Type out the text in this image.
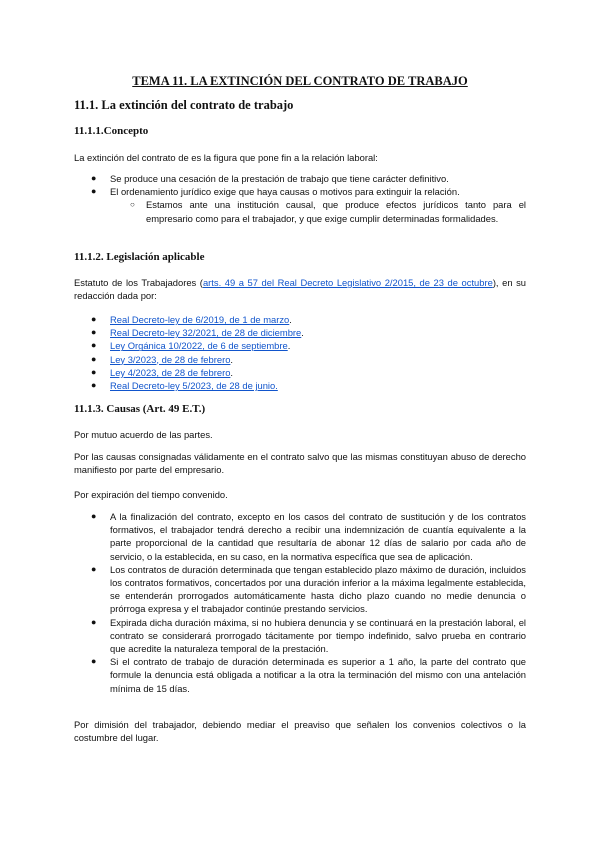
TEMA 11. LA EXTINCIÓN DEL CONTRATO DE TRABAJO
11.1. La extinción del contrato de trabajo
11.1.1.Concepto
La extinción del contrato de es la figura que pone fin a la relación laboral:
● Se produce una cesación de la prestación de trabajo que tiene carácter definitivo.
● El ordenamiento jurídico exige que haya causas o motivos para extinguir la relación.
○ Estamos ante una institución causal, que produce efectos jurídicos tanto para el empresario como para el trabajador, y que exige cumplir determinadas formalidades.
11.1.2. Legislación aplicable
Estatuto de los Trabajadores (arts. 49 a 57 del Real Decreto Legislativo 2/2015, de 23 de octubre), en su redacción dada por:
● Real Decreto-ley de 6/2019, de 1 de marzo.
● Real Decreto-ley 32/2021, de 28 de diciembre.
● Ley Orgánica 10/2022, de 6 de septiembre.
● Ley 3/2023, de 28 de febrero.
● Ley 4/2023, de 28 de febrero.
● Real Decreto-ley 5/2023, de 28 de junio.
11.1.3. Causas (Art. 49 E.T.)
Por mutuo acuerdo de las partes.
Por las causas consignadas válidamente en el contrato salvo que las mismas constituyan abuso de derecho manifiesto por parte del empresario.
Por expiración del tiempo convenido.
● A la finalización del contrato, excepto en los casos del contrato de sustitución y de los contratos formativos, el trabajador tendrá derecho a recibir una indemnización de cuantía equivalente a la parte proporcional de la cantidad que resultaría de abonar 12 días de salario por cada año de servicio, o la establecida, en su caso, en la normativa específica que sea de aplicación.
● Los contratos de duración determinada que tengan establecido plazo máximo de duración, incluidos los contratos formativos, concertados por una duración inferior a la máxima legalmente establecida, se entenderán prorrogados automáticamente hasta dicho plazo cuando no medie denuncia o prórroga expresa y el trabajador continúe prestando servicios.
● Expirada dicha duración máxima, si no hubiera denuncia y se continuará en la prestación laboral, el contrato se considerará prorrogado tácitamente por tiempo indefinido, salvo prueba en contrario que acredite la naturaleza temporal de la prestación.
● Si el contrato de trabajo de duración determinada es superior a 1 año, la parte del contrato que formule la denuncia está obligada a notificar a la otra la terminación del mismo con una antelación mínima de 15 días.
Por dimisión del trabajador, debiendo mediar el preaviso que señalen los convenios colectivos o la costumbre del lugar.
